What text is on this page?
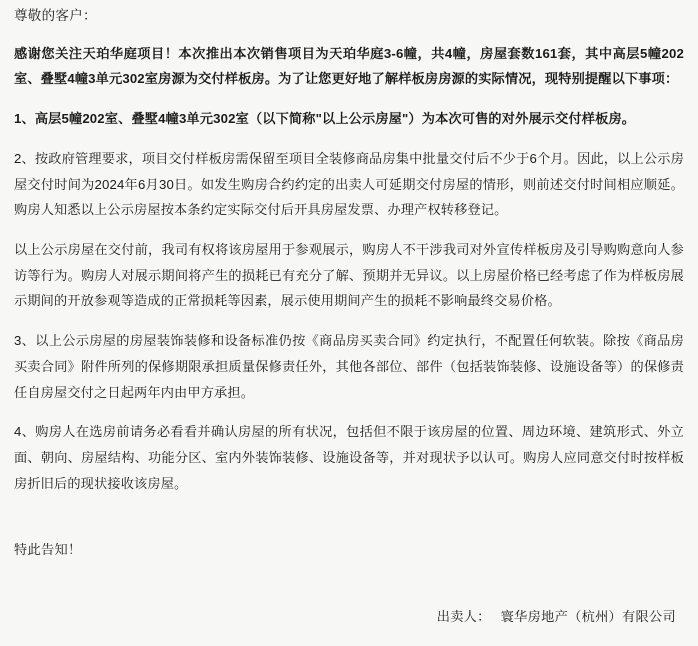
尊敬的客户：

感谢您关注天珀华庭项目！本次推出本次销售项目为天珀华庭3-6幢，共4幢，房屋套数161套，其中高层5幢202室、叠墅4幢3单元302室房源为交付样板房。为了让您更好地了解样板房房源的实际情况，现特别提醒以下事项：

1、高层5幢202室、叠墅4幢3单元302室（以下简称"以上公示房屋"）为本次可售的对外展示交付样板房。

2、按政府管理要求，项目交付样板房需保留至项目全装修商品房集中批量交付后不少于6个月。因此，以上公示房屋交付时间为2024年6月30日。如发生购房合约约定的出卖人可延期交付房屋的情形，则前述交付时间相应顺延。购房人知悉以上公示房屋按本条约定实际交付后开具房屋发票、办理产权转移登记。

以上公示房屋在交付前，我司有权将该房屋用于参观展示，购房人不干涉我司对外宣传样板房及引导购购意向人参访等行为。购房人对展示期间将产生的损耗已有充分了解、预期并无异议。以上房屋价格已经考虑了作为样板房展示期间的开放参观等造成的正常损耗等因素，展示使用期间产生的损耗不影响最终交易价格。

3、以上公示房屋的房屋装饰装修和设备标准仍按《商品房买卖合同》约定执行，不配置任何软装。除按《商品房买卖合同》附件所列的保修期限承担质量保修责任外，其他各部位、部件（包括装饰装修、设施设备等）的保修责任自房屋交付之日起两年内由甲方承担。

4、购房人在选房前请务必看看并确认房屋的所有状况，包括但不限于该房屋的位置、周边环境、建筑形式、外立面、朝向、房屋结构、功能分区、室内外装饰装修、设施设备等，并对现状予以认可。购房人应同意交付时按样板房折旧后的现状接收该房屋。

特此告知！

出卖人： 寰华房地产（杭州）有限公司
